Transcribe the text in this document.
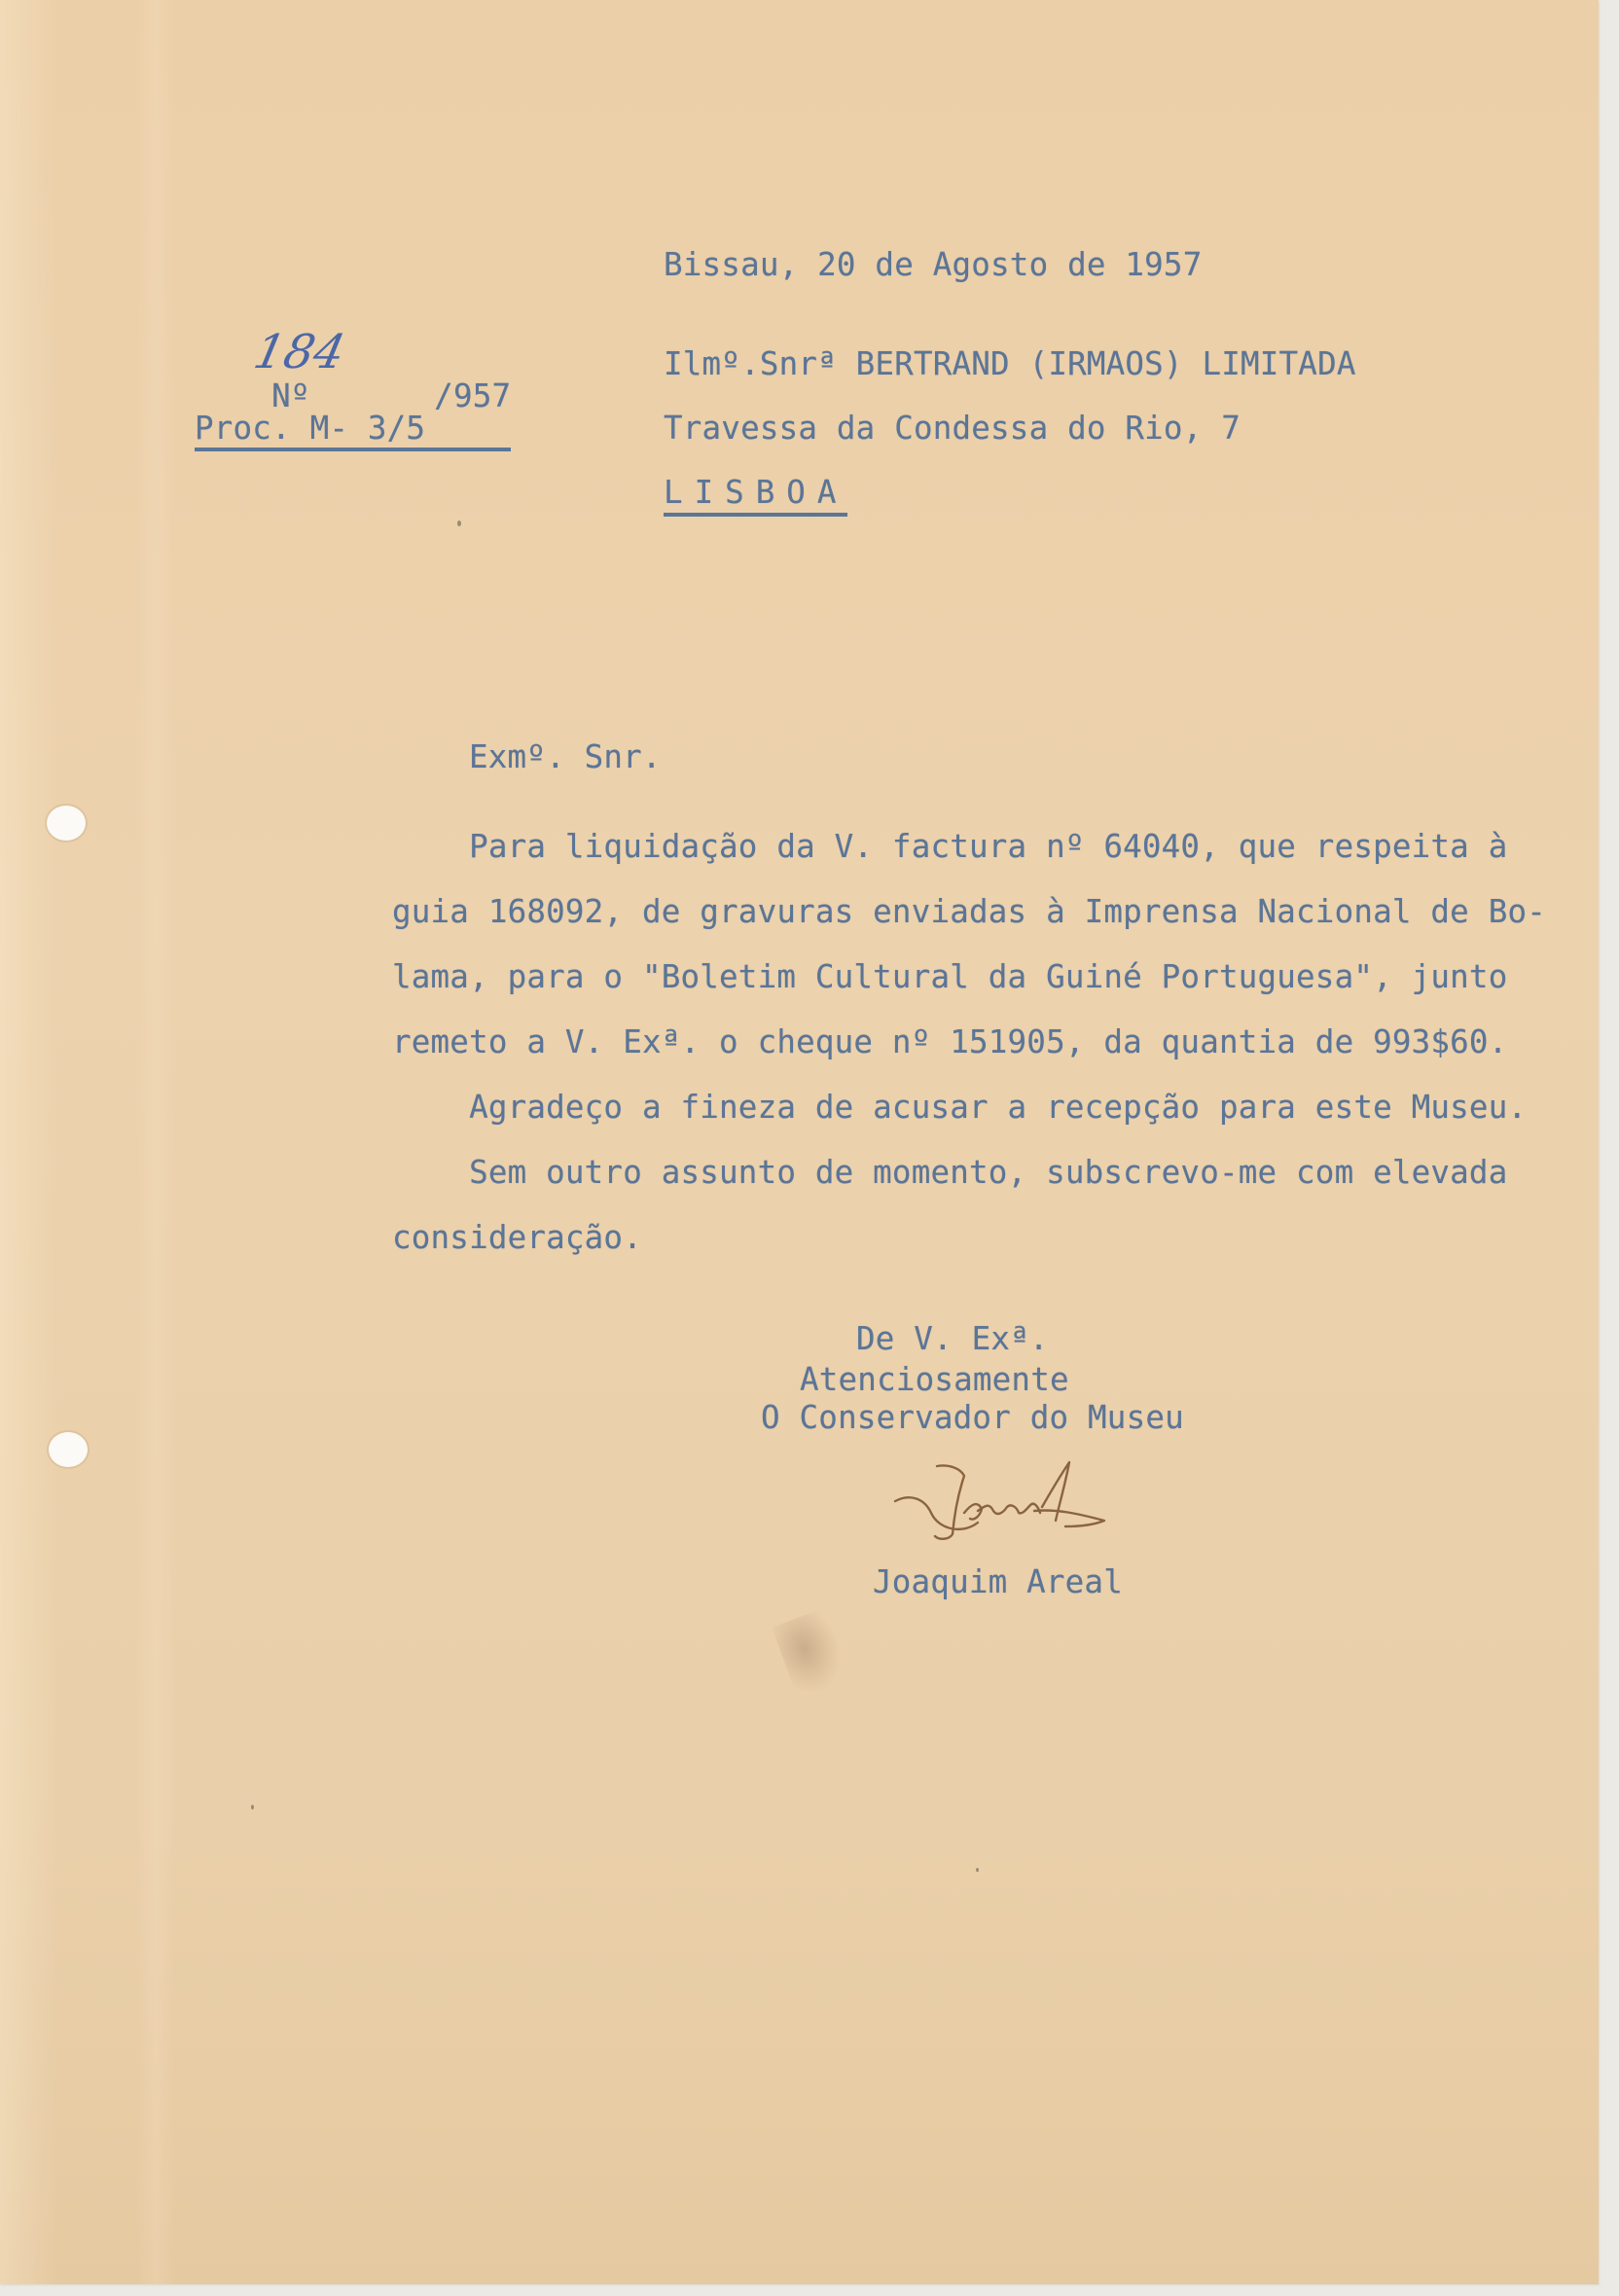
Bissau, 20 de Agosto de 1957

Nº	/957

184
Proc. M- 3/5
Ilmº.Snrª BERTRAND (IRMAOS) LIMITADA
Travessa da Condessa do Rio, 7
LISBOA
Exmº. Snr.
Para liquidação da V. factura nº 64040, que respeita à
guia 168092, de gravuras enviadas à Imprensa Nacional de Bo-
lama, para o "Boletim Cultural da Guiné Portuguesa", junto
remeto a V. Exª. o cheque nº 151905, da quantia de 993$60.
Agradeço a fineza de acusar a recepção para este Museu.
Sem outro assunto de momento, subscrevo-me com elevada
consideração.
De V. Exª.
Atenciosamente
O Conservador do Museu
Joaquim Areal
